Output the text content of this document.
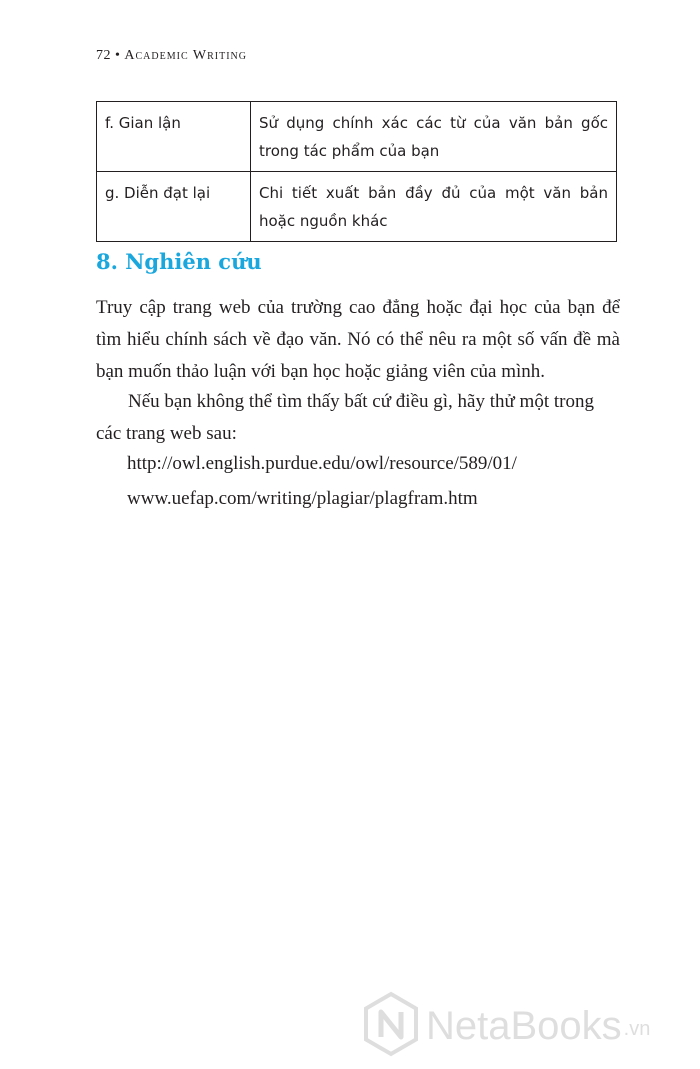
72 • Academic Writing
f. Gian lận	Sử dụng chính xác các từ của văn bản gốc trong tác phẩm của bạn
g. Diễn đạt lại	Chi tiết xuất bản đầy đủ của một văn bản hoặc nguồn khác
8. Nghiên cứu

Truy cập trang web của trường cao đẳng hoặc đại học của bạn để tìm hiểu chính sách về đạo văn. Nó có thể nêu ra một số vấn đề mà bạn muốn thảo luận với bạn học hoặc giảng viên của mình.

Nếu bạn không thể tìm thấy bất cứ điều gì, hãy thử một trong các trang web sau:

http://owl.english.purdue.edu/owl/resource/589/01/
www.uefap.com/writing/plagiar/plagfram.htm
NetaBooks .vn
